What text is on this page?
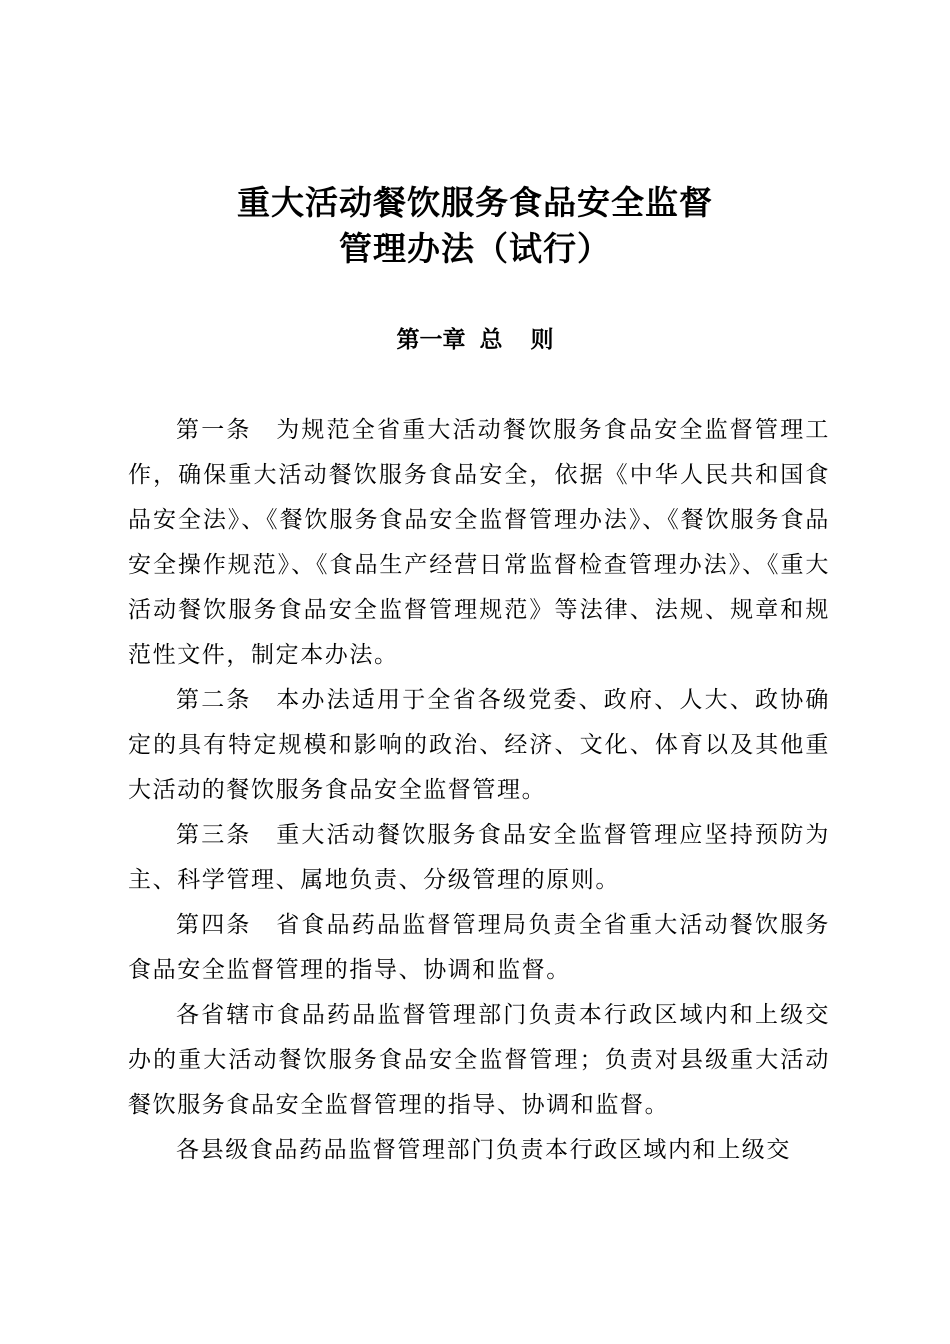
重大活动餐饮服务食品安全监督
管理办法（试行）
第一章 总 则

第一条 为规范全省重大活动餐饮服务食品安全监督管理工作，确保重大活动餐饮服务食品安全，依据《中华人民共和国食品安全法》、《餐饮服务食品安全监督管理办法》、《餐饮服务食品安全操作规范》、《食品生产经营日常监督检查管理办法》、《重大活动餐饮服务食品安全监督管理规范》等法律、法规、规章和规范性文件，制定本办法。

第二条 本办法适用于全省各级党委、政府、人大、政协确定的具有特定规模和影响的政治、经济、文化、体育以及其他重大活动的餐饮服务食品安全监督管理。

第三条 重大活动餐饮服务食品安全监督管理应坚持预防为主、科学管理、属地负责、分级管理的原则。

第四条 省食品药品监督管理局负责全省重大活动餐饮服务食品安全监督管理的指导、协调和监督。

各省辖市食品药品监督管理部门负责本行政区域内和上级交办的重大活动餐饮服务食品安全监督管理；负责对县级重大活动餐饮服务食品安全监督管理的指导、协调和监督。

各县级食品药品监督管理部门负责本行政区域内和上级交
